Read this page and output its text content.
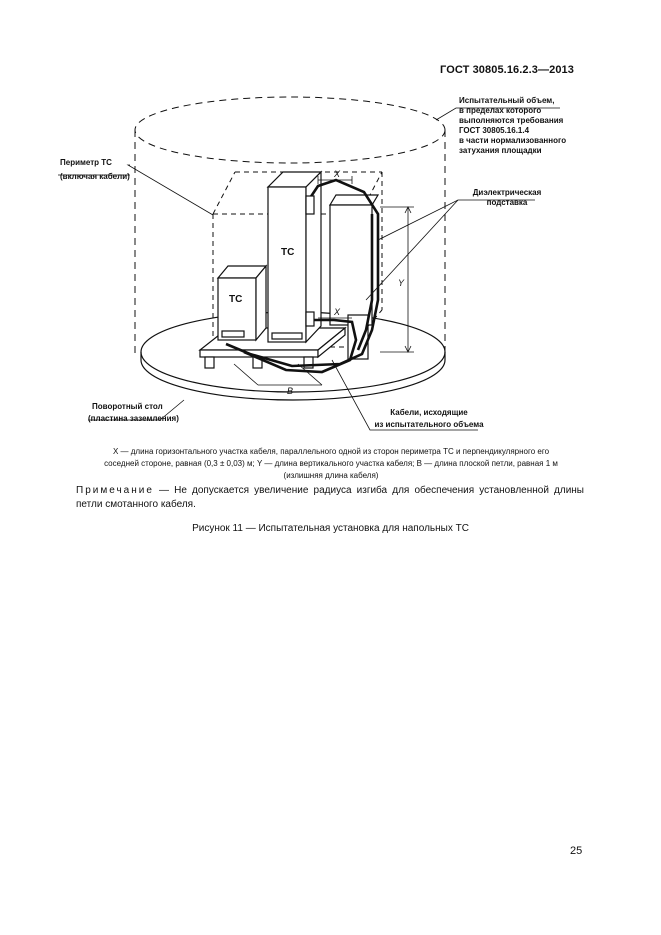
ГОСТ 30805.16.2.3—2013
ТС
ТС
X
X
Y
B
Испытательный объем,
в пределах которого
выполняются требования
ГОСТ 30805.16.1.4
в части нормализованного
затухания площадки
Периметр ТС
(включая кабели)
Диэлектрическая
подставка
Поворотный стол
(пластина заземления)
Кабели, исходящие
из испытательного объема
X — длина горизонтального участка кабеля, параллельного одной из сторон периметра ТС и перпендикулярного его
соседней стороне, равная (0,3 ± 0,03) м; Y — длина вертикального участка кабеля; B — длина плоской петли, равная 1 м
(излишняя длина кабеля)
Примечание — Не допускается увеличение радиуса изгиба для обеспечения установленной длины петли смотанного кабеля.
Рисунок 11 — Испытательная установка для напольных ТС
25
